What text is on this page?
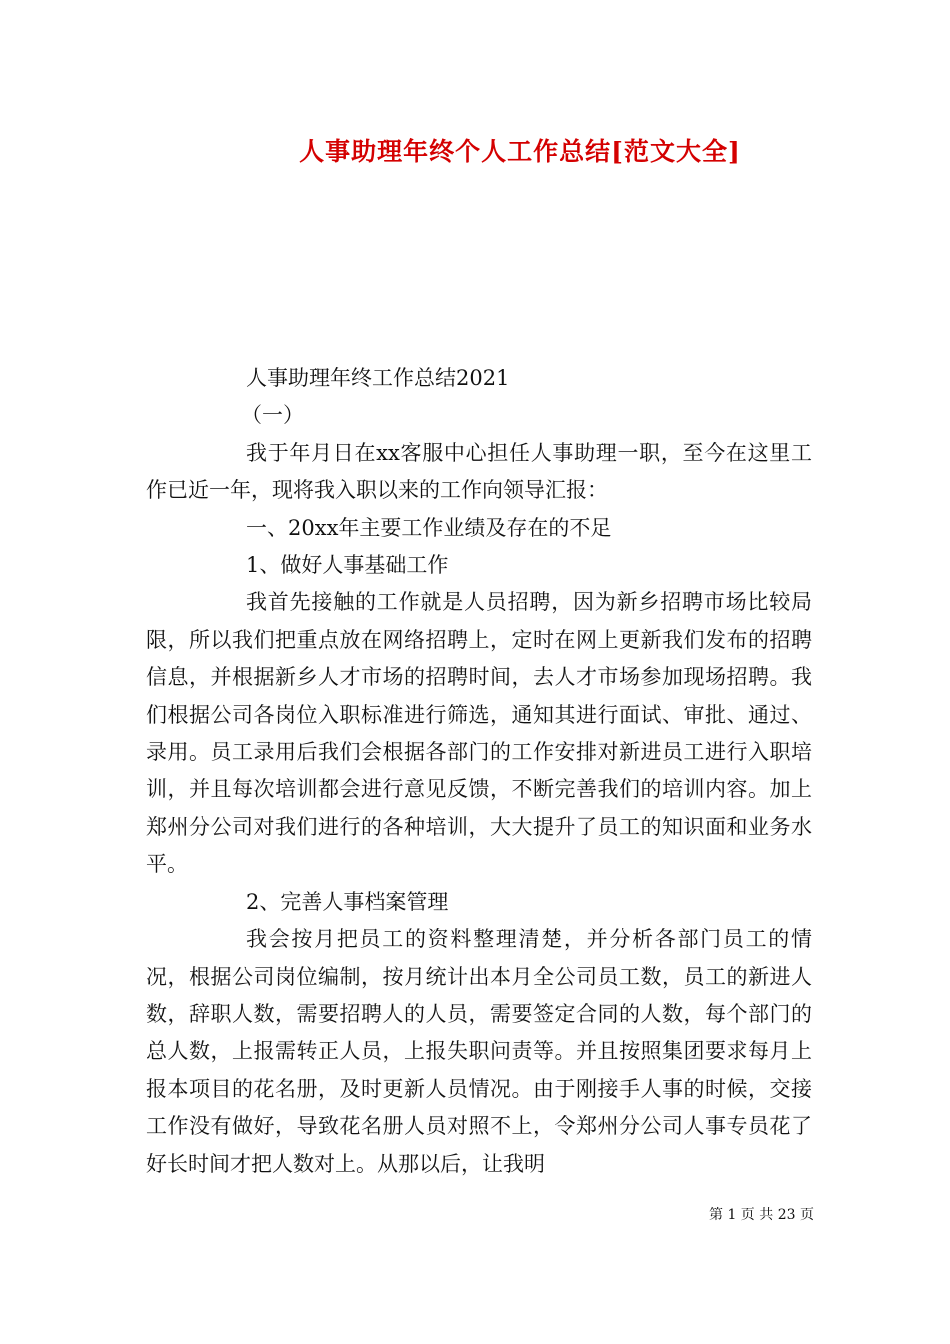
人事助理年终个人工作总结[范文大全]

人事助理年终工作总结2021

（一）

我于年月日在xx客服中心担任人事助理一职，至今在这里工作已近一年，现将我入职以来的工作向领导汇报：

一、20xx年主要工作业绩及存在的不足

1、做好人事基础工作

我首先接触的工作就是人员招聘，因为新乡招聘市场比较局限，所以我们把重点放在网络招聘上，定时在网上更新我们发布的招聘信息，并根据新乡人才市场的招聘时间，去人才市场参加现场招聘。我们根据公司各岗位入职标准进行筛选，通知其进行面试、审批、通过、录用。员工录用后我们会根据各部门的工作安排对新进员工进行入职培训，并且每次培训都会进行意见反馈，不断完善我们的培训内容。加上郑州分公司对我们进行的各种培训，大大提升了员工的知识面和业务水平。

2、完善人事档案管理

我会按月把员工的资料整理清楚，并分析各部门员工的情况，根据公司岗位编制，按月统计出本月全公司员工数，员工的新进人数，辞职人数，需要招聘人的人员，需要签定合同的人数，每个部门的总人数，上报需转正人员，上报失职问责等。并且按照集团要求每月上报本项目的花名册，及时更新人员情况。由于刚接手人事的时候，交接工作没有做好，导致花名册人员对照不上，令郑州分公司人事专员花了好长时间才把人数对上。从那以后，让我明

第 1 页 共 23 页
